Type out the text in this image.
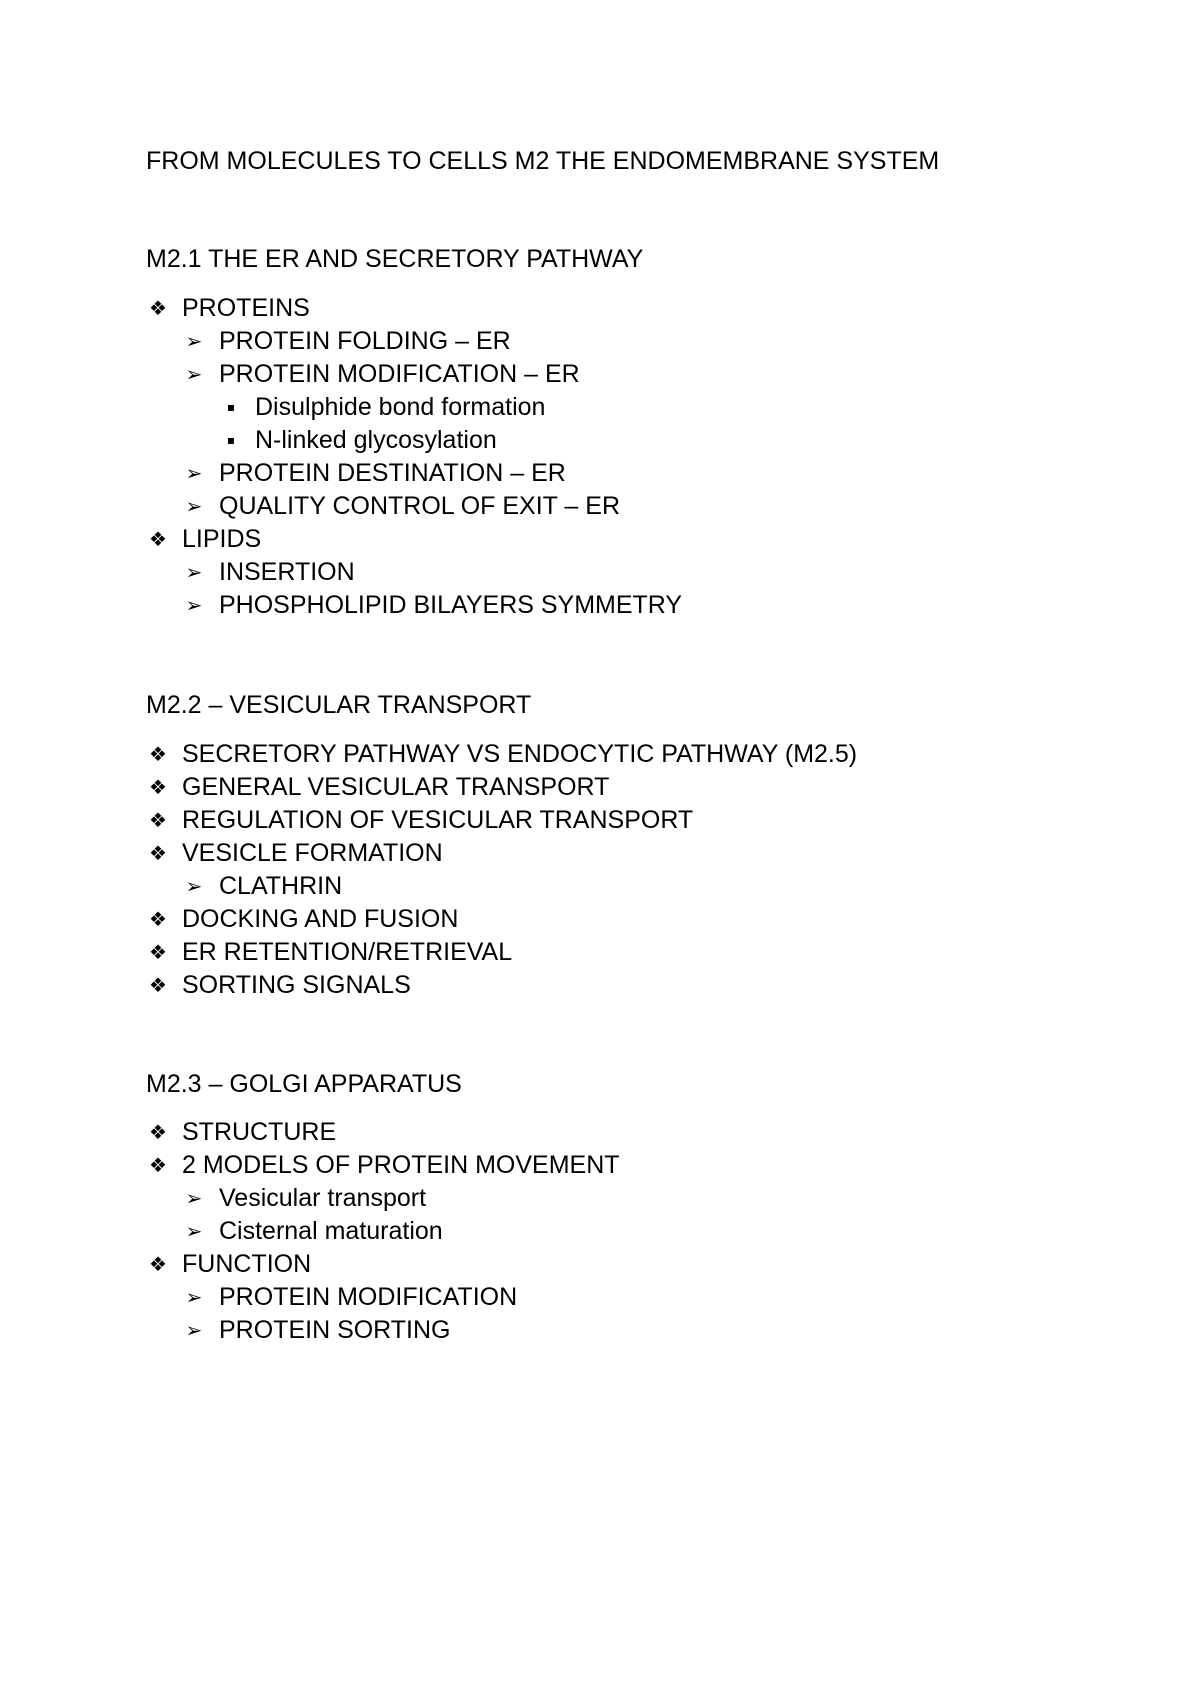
FROM MOLECULES TO CELLS M2 THE ENDOMEMBRANE SYSTEM
M2.1 THE ER AND SECRETORY PATHWAY
❖ PROTEINS
➢ PROTEIN FOLDING – ER
➢ PROTEIN MODIFICATION – ER
▪ Disulphide bond formation
▪ N-linked glycosylation
➢ PROTEIN DESTINATION – ER
➢ QUALITY CONTROL OF EXIT – ER
❖ LIPIDS
➢ INSERTION
➢ PHOSPHOLIPID BILAYERS SYMMETRY
M2.2 – VESICULAR TRANSPORT
❖ SECRETORY PATHWAY VS ENDOCYTIC PATHWAY (M2.5)
❖ GENERAL VESICULAR TRANSPORT
❖ REGULATION OF VESICULAR TRANSPORT
❖ VESICLE FORMATION
➢ CLATHRIN
❖ DOCKING AND FUSION
❖ ER RETENTION/RETRIEVAL
❖ SORTING SIGNALS
M2.3 – GOLGI APPARATUS
❖ STRUCTURE
❖ 2 MODELS OF PROTEIN MOVEMENT
➢ Vesicular transport
➢ Cisternal maturation
❖ FUNCTION
➢ PROTEIN MODIFICATION
➢ PROTEIN SORTING
